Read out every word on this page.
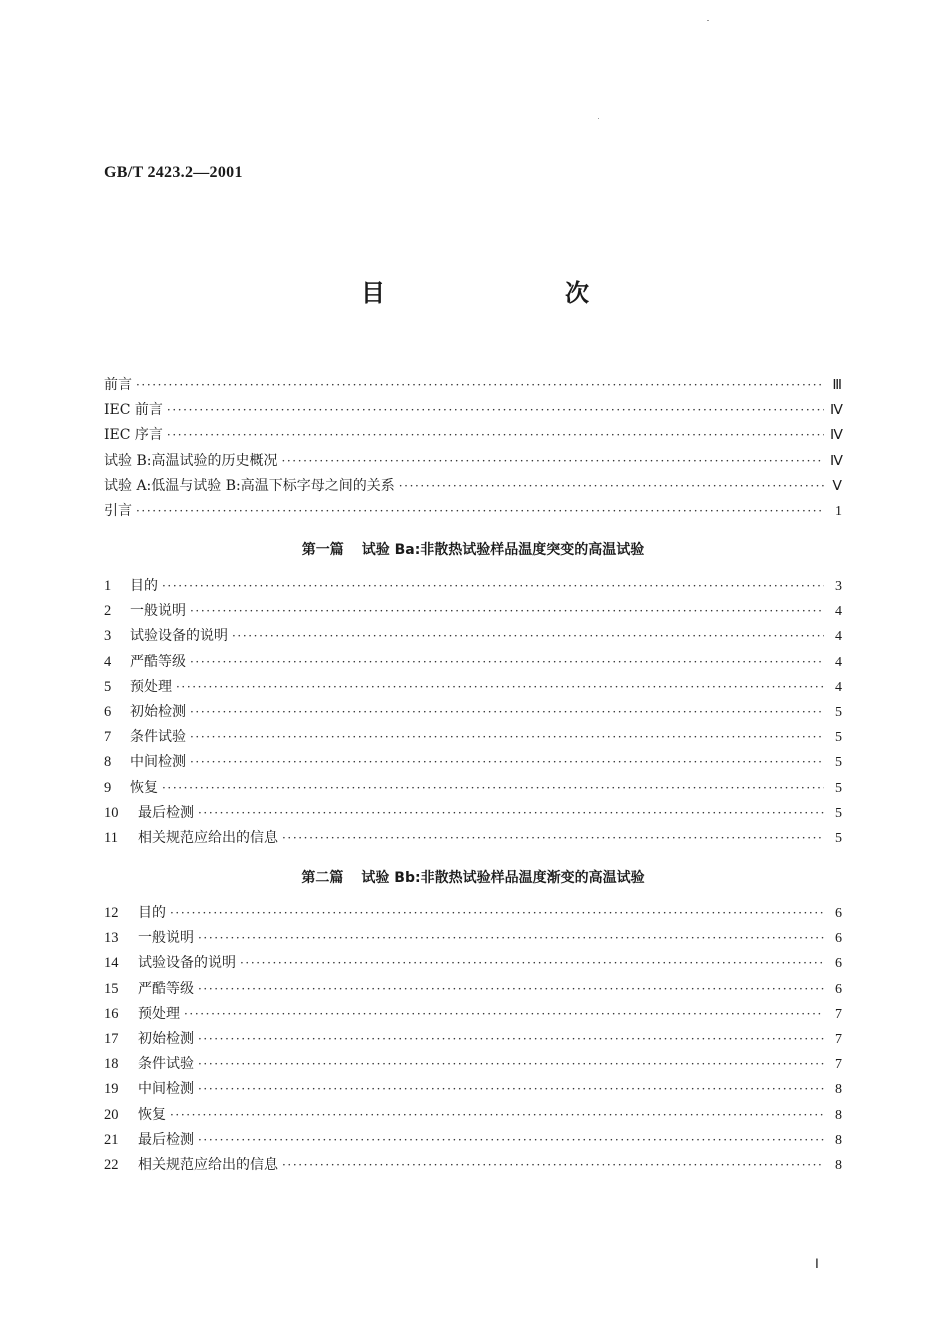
GB/T 2423.2—2001
目　次
前言 ·····	Ⅲ
IEC 前言 ·····	Ⅳ
IEC 序言 ·····	Ⅳ
试验 B:高温试验的历史概况 ·····	Ⅳ
试验 A:低温与试验 B:高温下标字母之间的关系 ·····	Ⅴ
引言 ·····	1
第一篇 试验 Ba:非散热试验样品温度突变的高温试验
1	目的 ·····	3
2	一般说明 ·····	4
3	试验设备的说明 ·····	4
4	严酷等级 ·····	4
5	预处理 ·····	4
6	初始检测 ·····	5
7	条件试验 ·····	5
8	中间检测 ·····	5
9	恢复 ·····	5
10	最后检测 ·····	5
11	相关规范应给出的信息 ·····	5
第二篇 试验 Bb:非散热试验样品温度渐变的高温试验
12	目的 ·····	6
13	一般说明 ·····	6
14	试验设备的说明 ·····	6
15	严酷等级 ·····	6
16	预处理 ·····	7
17	初始检测 ·····	7
18	条件试验 ·····	7
19	中间检测 ·····	8
20	恢复 ·····	8
21	最后检测 ·····	8
22	相关规范应给出的信息 ·····	8
Ⅰ
